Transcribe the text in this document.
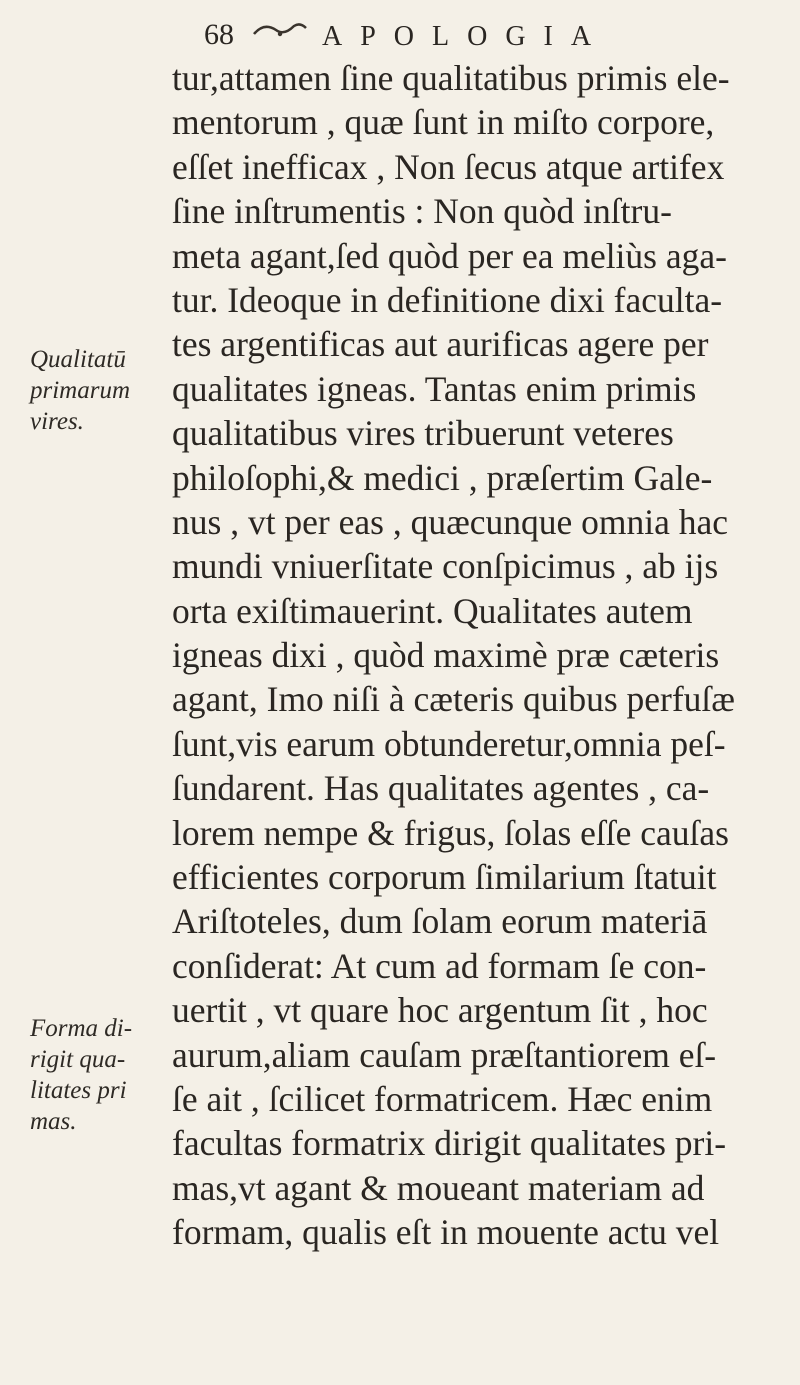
68	APOLOGIA
tur,attamen ſine qualitatibus primis ele-
mentorum , quæ ſunt in miſto corpore,
eſſet inefficax , Non ſecus atque artifex
ſine inſtrumentis : Non quòd inſtru-
meta agant,ſed quòd per ea meliùs aga-
tur. Ideoque in definitione dixi faculta-
tes argentificas aut aurificas agere per
qualitates igneas. Tantas enim primis
qualitatibus vires tribuerunt veteres
philoſophi,& medici , præſertim Gale-
nus , vt per eas , quæcunque omnia hac
mundi vniuerſitate conſpicimus , ab ijs
orta exiſtimauerint. Qualitates autem
igneas dixi , quòd maximè præ cæteris
agant, Imo niſi à cæteris quibus perfuſæ
ſunt,vis earum obtunderetur,omnia peſ-
ſundarent. Has qualitates agentes , ca-
lorem nempe & frigus, ſolas eſſe cauſas
efficientes corporum ſimilarium ſtatuit
Ariſtoteles, dum ſolam eorum materiā
conſiderat: At cum ad formam ſe con-
uertit , vt quare hoc argentum ſit , hoc
aurum,aliam cauſam præſtantiorem eſ-
ſe ait , ſcilicet formatricem. Hæc enim
facultas formatrix dirigit qualitates pri-
mas,vt agant & moueant materiam ad
formam, qualis eſt in mouente actu vel
Qualitatū
primarum
vires.
Forma di-
rigit qua-
litates pri
mas.
